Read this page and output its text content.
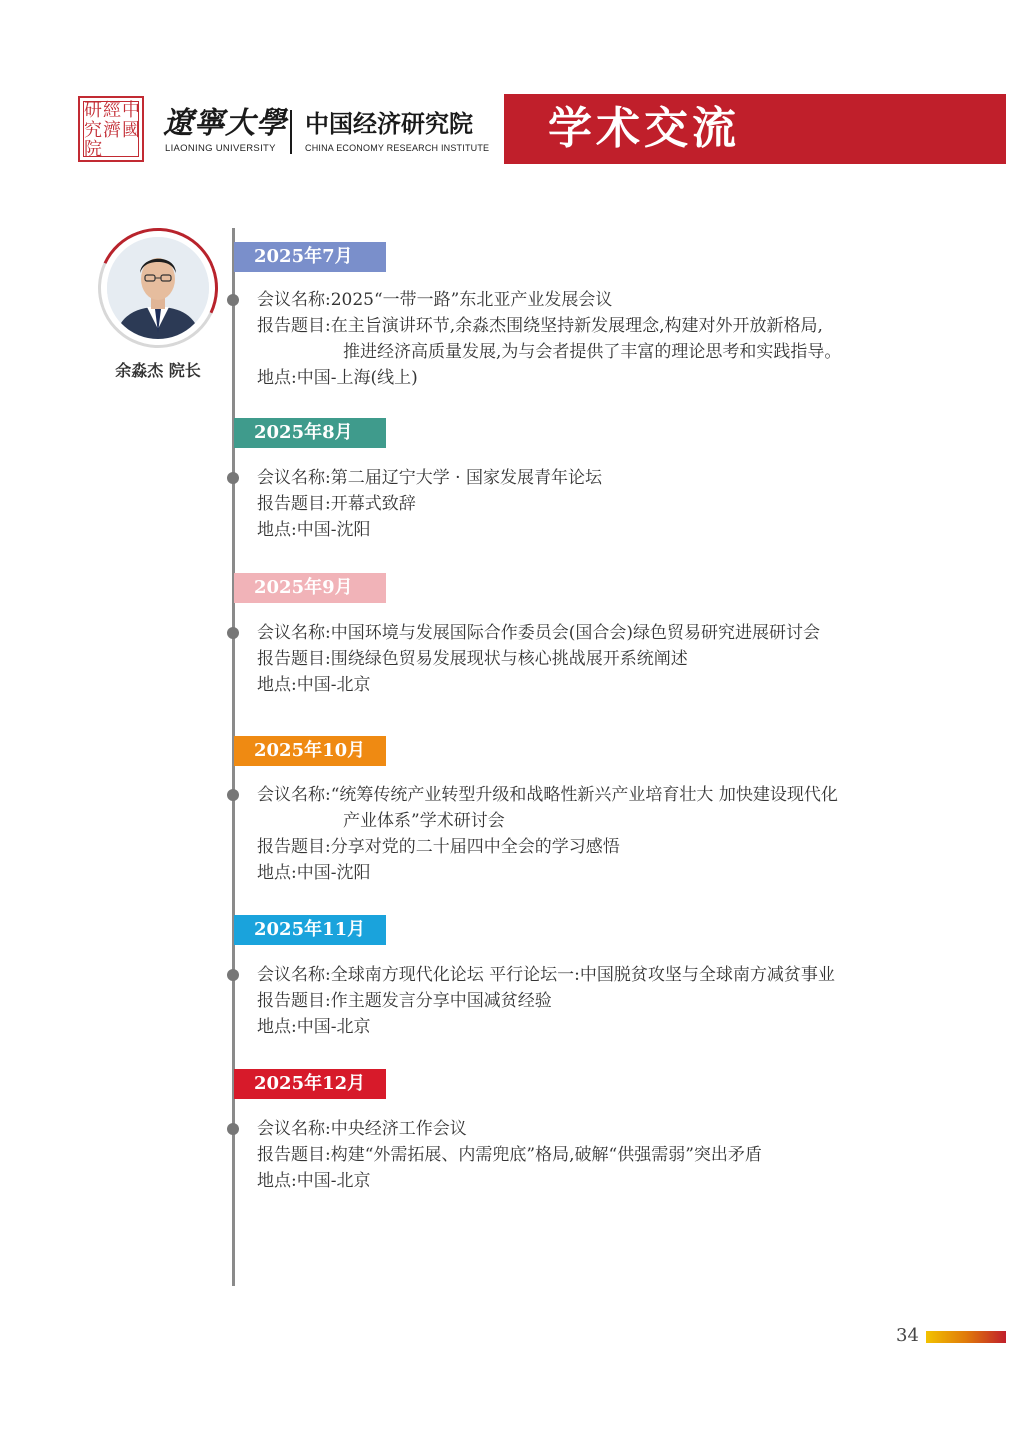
中
國
經
濟
研
究
院
遼寧大學
LIAONING UNIVERSITY
中国经济研究院
CHINA ECONOMY RESEARCH INSTITUTE 学术交流
余淼杰 院长
2025年7月
会议名称:2025“一带一路”东北亚产业发展会议
报告题目:在主旨演讲环节,余淼杰围绕坚持新发展理念,构建对外开放新格局,
推进经济高质量发展,为与会者提供了丰富的理论思考和实践指导。
地点:中国-上海(线上)
2025年8月
会议名称:第二届辽宁大学 · 国家发展青年论坛
报告题目:开幕式致辞
地点:中国-沈阳
2025年9月
会议名称:中国环境与发展国际合作委员会(国合会)绿色贸易研究进展研讨会
报告题目:围绕绿色贸易发展现状与核心挑战展开系统阐述
地点:中国-北京
2025年10月
会议名称:“统筹传统产业转型升级和战略性新兴产业培育壮大 加快建设现代化
产业体系”学术研讨会
报告题目:分享对党的二十届四中全会的学习感悟
地点:中国-沈阳
2025年11月
会议名称:全球南方现代化论坛 平行论坛一:中国脱贫攻坚与全球南方减贫事业
报告题目:作主题发言分享中国减贫经验
地点:中国-北京
2025年12月
会议名称:中央经济工作会议
报告题目:构建“外需拓展、内需兜底”格局,破解“供强需弱”突出矛盾
地点:中国-北京
34
